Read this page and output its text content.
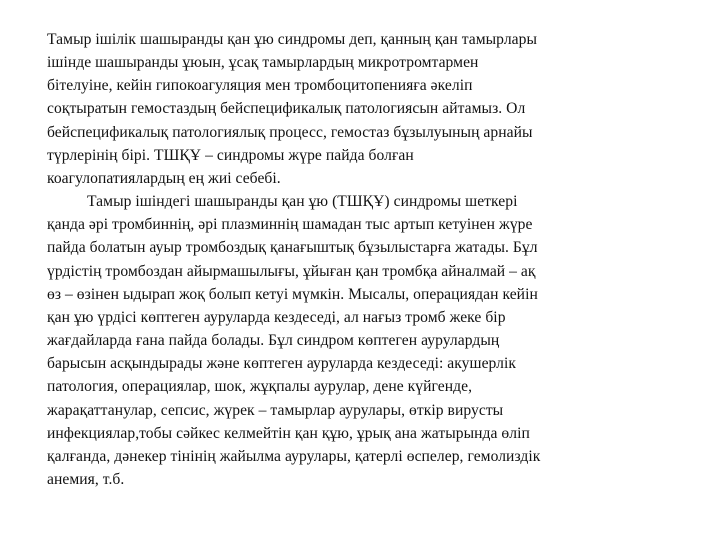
Тамыр ішілік шашыранды қан ұю синдромы деп, қанның қан тамырлары
ішінде шашыранды ұюын, ұсақ тамырлардың микротромтармен
бітелуіне, кейін гипокоагуляция мен тромбоцитопенияға әкеліп
соқтыратын гемостаздың бейспецификалық патологиясын айтамыз. Ол
бейспецификалық патологиялық процесс, гемостаз бұзылуының арнайы
түрлерінің бірі. ТШҚҰ – синдромы жүре пайда болған
коагулопатиялардың ең жиі себебі.
Тамыр ішіндегі шашыранды қан ұю (ТШҚҰ) синдромы шеткері
қанда әрі тромбиннің, әрі плазминнің шамадан тыс артып кетуінен жүре
пайда болатын ауыр тромбоздық қанағыштық бұзылыстарға жатады. Бұл
үрдістің тромбоздан айырмашылығы, ұйыған қан тромбқа айналмай – ақ
өз – өзінен ыдырап жоқ болып кетуі мүмкін. Мысалы, операциядан кейін
қан ұю үрдісі көптеген ауруларда кездеседі, ал нағыз тромб жеке бір
жағдайларда ғана пайда болады. Бұл синдром көптеген аурулардың
барысын асқындырады және көптеген ауруларда кездеседі: акушерлік
патология, операциялар, шок, жұқпалы аурулар, дене күйгенде,
жарақаттанулар, сепсис, жүрек – тамырлар аурулары, өткір вирусты
инфекциялар,тобы сәйкес келмейтін қан құю, ұрық ана жатырында өліп
қалғанда, дәнекер тінінің жайылма аурулары, қатерлі өспелер, гемолиздік
анемия, т.б.
